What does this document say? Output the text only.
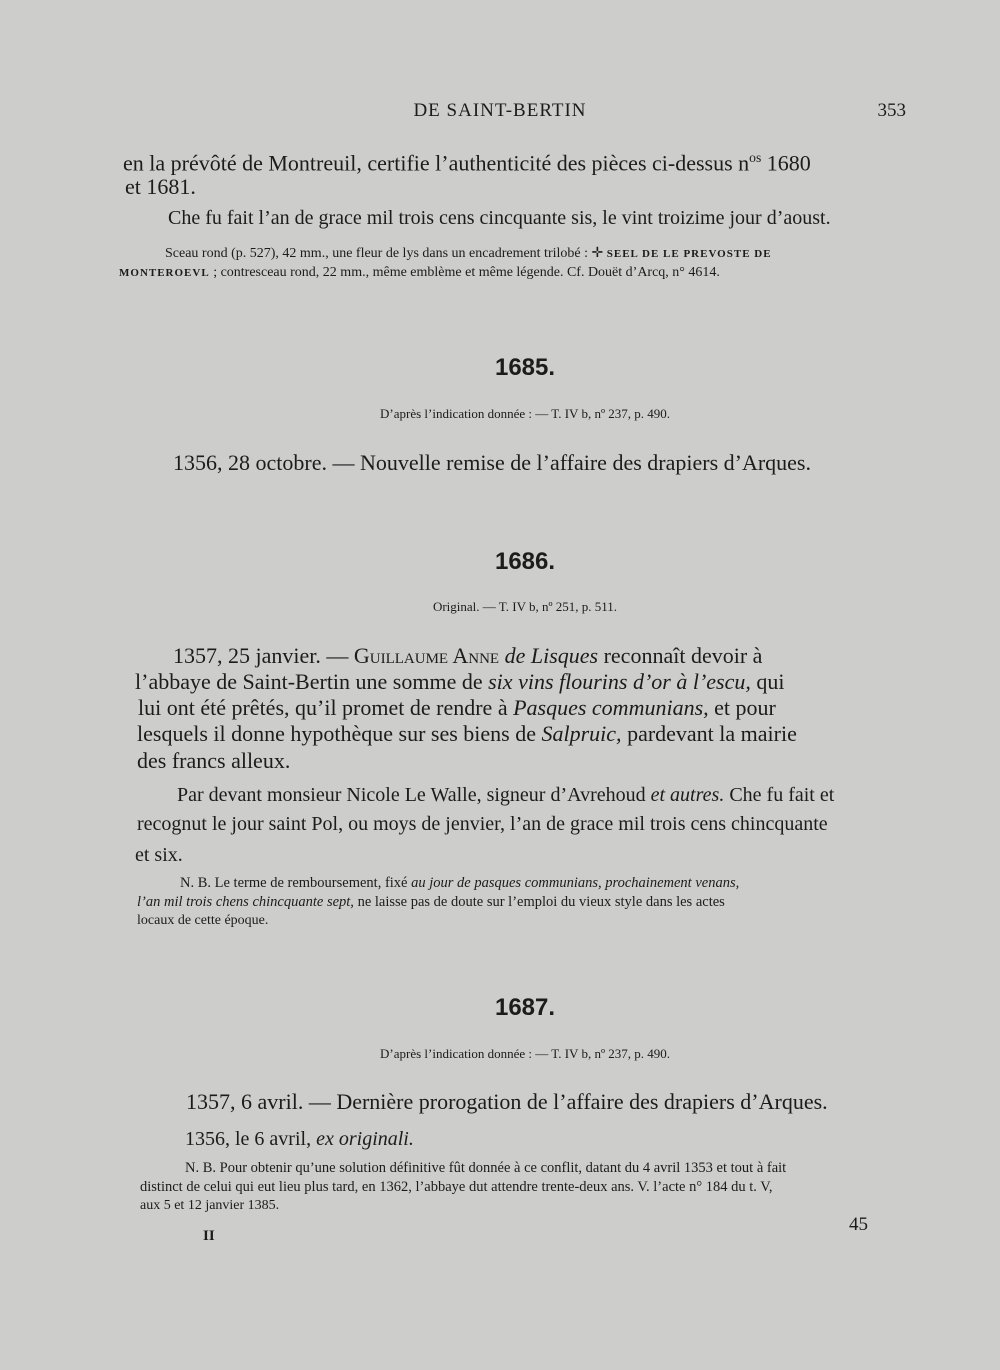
DE SAINT-BERTIN	353

en la prévôté de Montreuil, certifie l’authenticité des pièces ci-dessus $n^{os}$ 1680

et 1681.

Che fu fait l’an de grace mil trois cens cincquante sis, le vint troizime jour d’aoust.

Sceau rond (p. 527), 42 mm., une fleur de lys dans un encadrement trilobé : ✛ SEEL DE LE PREVOSTE DE

MONTEROEVL ; contresceau rond, 22 mm., même emblème et même légende. Cf. Douët d’Arcq, n° 4614.

1685.
D’après l’indication donnée : — T. IV b, nº 237, p. 490.

1356, 28 octobre. — Nouvelle remise de l’affaire des drapiers d’Arques.

1686.
Original. — T. IV b, nº 251, p. 511.

1357, 25 janvier. — Guillaume Anne de Lisques reconnaît devoir à

l’abbaye de Saint-Bertin une somme de six vins flourins d’or à l’escu, qui

lui ont été prêtés, qu’il promet de rendre à Pasques communians, et pour

lesquels il donne hypothèque sur ses biens de Salpruic, pardevant la mairie

des francs alleux.

Par devant monsieur Nicole Le Walle, signeur d’Avrehoud et autres. Che fu fait et

recognut le jour saint Pol, ou moys de jenvier, l’an de grace mil trois cens chincquante

et six.

N. B. Le terme de remboursement, fixé au jour de pasques communians, prochainement venans,

l’an mil trois chens chincquante sept, ne laisse pas de doute sur l’emploi du vieux style dans les actes

locaux de cette époque.

1687.
D’après l’indication donnée : — T. IV b, nº 237, p. 490.

1357, 6 avril. — Dernière prorogation de l’affaire des drapiers d’Arques.

1356, le 6 avril, ex originali.

N. B. Pour obtenir qu’une solution définitive fût donnée à ce conflit, datant du 4 avril 1353 et tout à fait

distinct de celui qui eut lieu plus tard, en 1362, l’abbaye dut attendre trente-deux ans. V. l’acte n° 184 du t. V,

aux 5 et 12 janvier 1385.

II
45
